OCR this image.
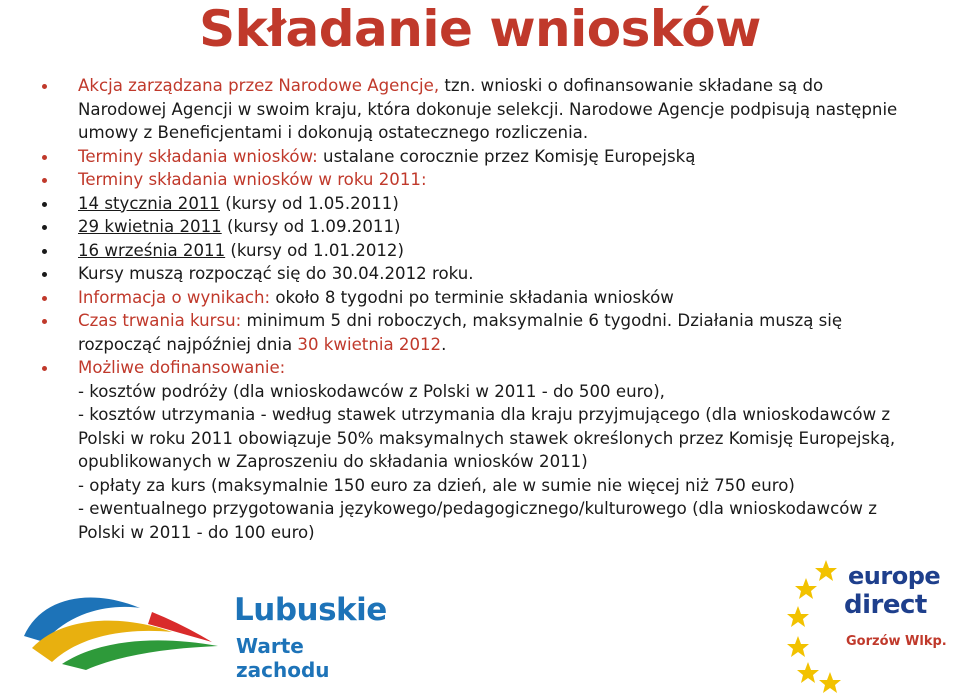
Składanie wniosków
Akcja zarządzana przez Narodowe Agencje, tzn. wnioski o dofinansowanie składane są do Narodowej Agencji w swoim kraju, która dokonuje selekcji. Narodowe Agencje podpisują następnie umowy z Beneficjentami i dokonują ostatecznego rozliczenia.
Terminy składania wniosków: ustalane corocznie przez Komisję Europejską
Terminy składania wniosków w roku 2011:
14 stycznia 2011 (kursy od 1.05.2011)
29 kwietnia 2011 (kursy od 1.09.2011)
16 września 2011 (kursy od 1.01.2012)
Kursy muszą rozpocząć się do 30.04.2012 roku.
Informacja o wynikach: około 8 tygodni po terminie składania wniosków
Czas trwania kursu: minimum 5 dni roboczych, maksymalnie 6 tygodni. Działania muszą się rozpocząć najpóźniej dnia 30 kwietnia 2012.
Możliwe dofinansowanie:
- kosztów podróży (dla wnioskodawców z Polski w 2011 - do 500 euro),
- kosztów utrzymania - według stawek utrzymania dla kraju przyjmującego (dla wnioskodawców z Polski w roku 2011 obowiązuje 50% maksymalnych stawek określonych przez Komisję Europejską, opublikowanych w Zaproszeniu do składania wniosków 2011)
- opłaty za kurs (maksymalnie 150 euro za dzień, ale w sumie nie więcej niż 750 euro)
- ewentualnego przygotowania językowego/pedagogicznego/kulturowego (dla wnioskodawców z Polski w 2011 - do 100 euro)
Lubuskie
Warte zachodu
europe
direct
Gorzów Wlkp.
